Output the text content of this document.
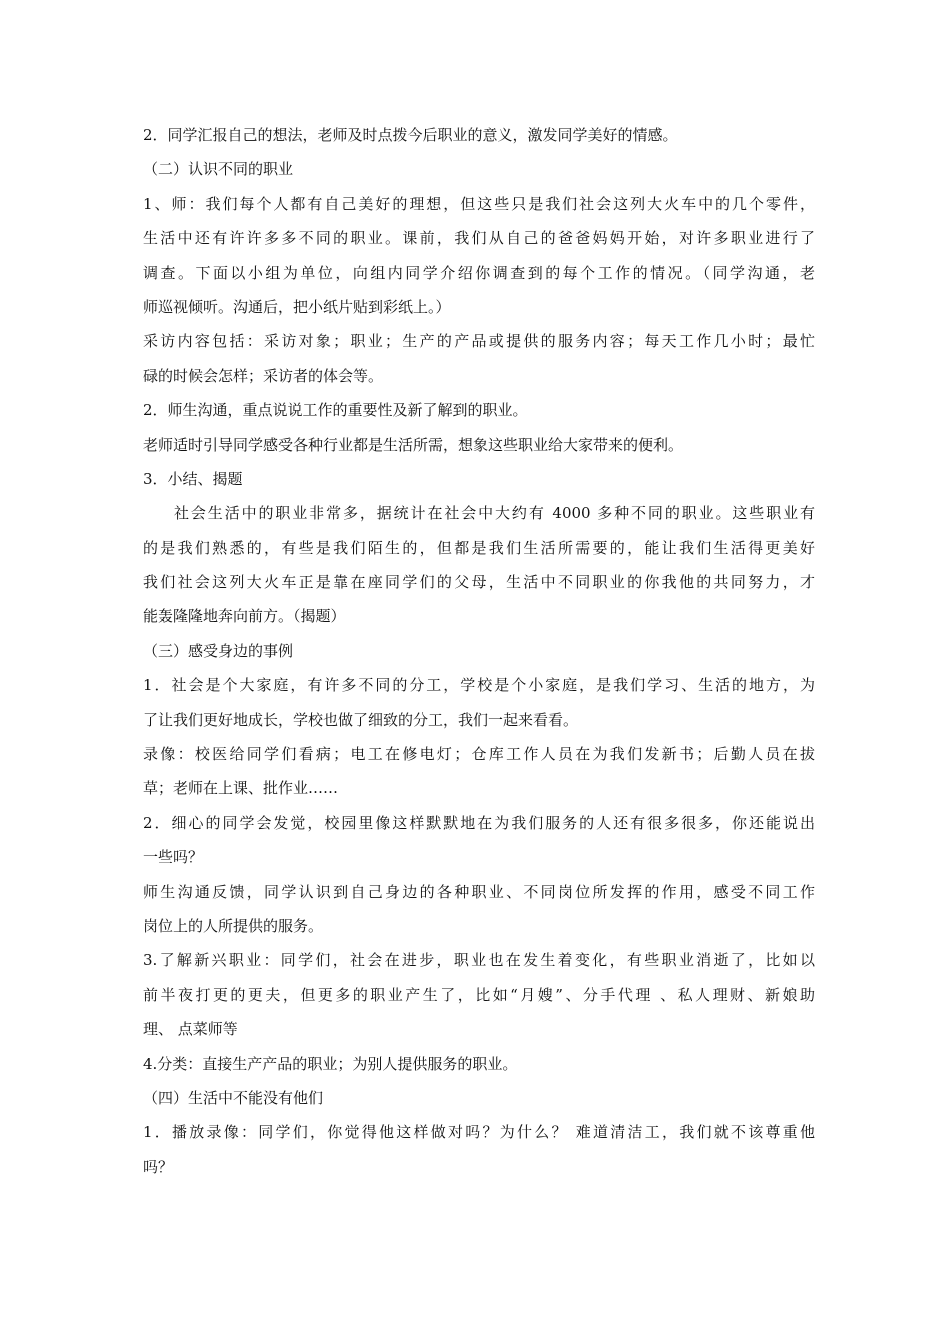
2．同学汇报自己的想法，老师及时点拨今后职业的意义，激发同学美好的情感。
（二）认识不同的职业
1、师：我们每个人都有自己美好的理想，但这些只是我们社会这列大火车中的几个零件，
生活中还有许许多多不同的职业。课前，我们从自己的爸爸妈妈开始，对许多职业进行了
调查。下面以小组为单位，向组内同学介绍你调查到的每个工作的情况。（同学沟通，老
师巡视倾听。沟通后，把小纸片贴到彩纸上。）
采访内容包括：采访对象；职业；生产的产品或提供的服务内容；每天工作几小时；最忙
碌的时候会怎样；采访者的体会等。
2．师生沟通，重点说说工作的重要性及新了解到的职业。
老师适时引导同学感受各种行业都是生活所需，想象这些职业给大家带来的便利。
3．小结、揭题
社会生活中的职业非常多，据统计在社会中大约有 4000 多种不同的职业。这些职业有
的是我们熟悉的，有些是我们陌生的，但都是我们生活所需要的，能让我们生活得更美好
我们社会这列大火车正是靠在座同学们的父母，生活中不同职业的你我他的共同努力，才
能轰隆隆地奔向前方。（揭题）
（三）感受身边的事例
1．社会是个大家庭，有许多不同的分工，学校是个小家庭，是我们学习、生活的地方，为
了让我们更好地成长，学校也做了细致的分工，我们一起来看看。
录像：校医给同学们看病；电工在修电灯；仓库工作人员在为我们发新书；后勤人员在拔
草；老师在上课、批作业……
2．细心的同学会发觉，校园里像这样默默地在为我们服务的人还有很多很多，你还能说出
一些吗？
师生沟通反馈，同学认识到自己身边的各种职业、不同岗位所发挥的作用，感受不同工作
岗位上的人所提供的服务。
3.了解新兴职业：同学们，社会在进步，职业也在发生着变化，有些职业消逝了，比如以
前半夜打更的更夫，但更多的职业产生了，比如“月嫂”、分手代理 、私人理财、新娘助
理、 点菜师等
4.分类：直接生产产品的职业；为别人提供服务的职业。
（四）生活中不能没有他们
1．播放录像：同学们，你觉得他这样做对吗？为什么？ 难道清洁工，我们就不该尊重他
吗？
